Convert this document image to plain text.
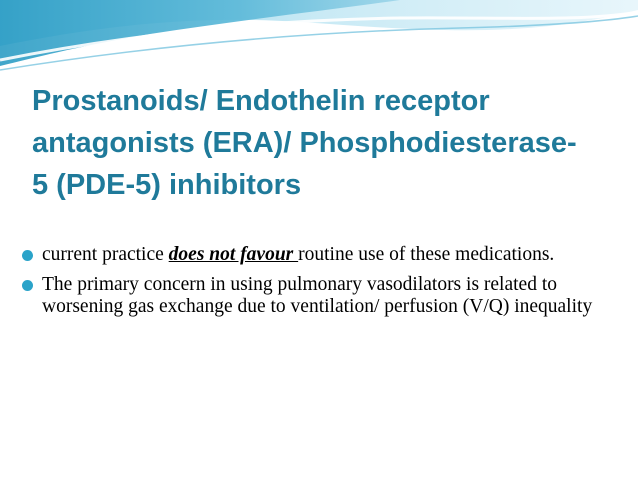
Prostanoids/ Endothelin receptor
antagonists (ERA)/ Phosphodiesterase-
5 (PDE-5) inhibitors
current practice does not favour routine use of these medications.
The primary concern in using pulmonary vasodilators is related to worsening gas exchange due to ventilation/ perfusion (V/Q) inequality
